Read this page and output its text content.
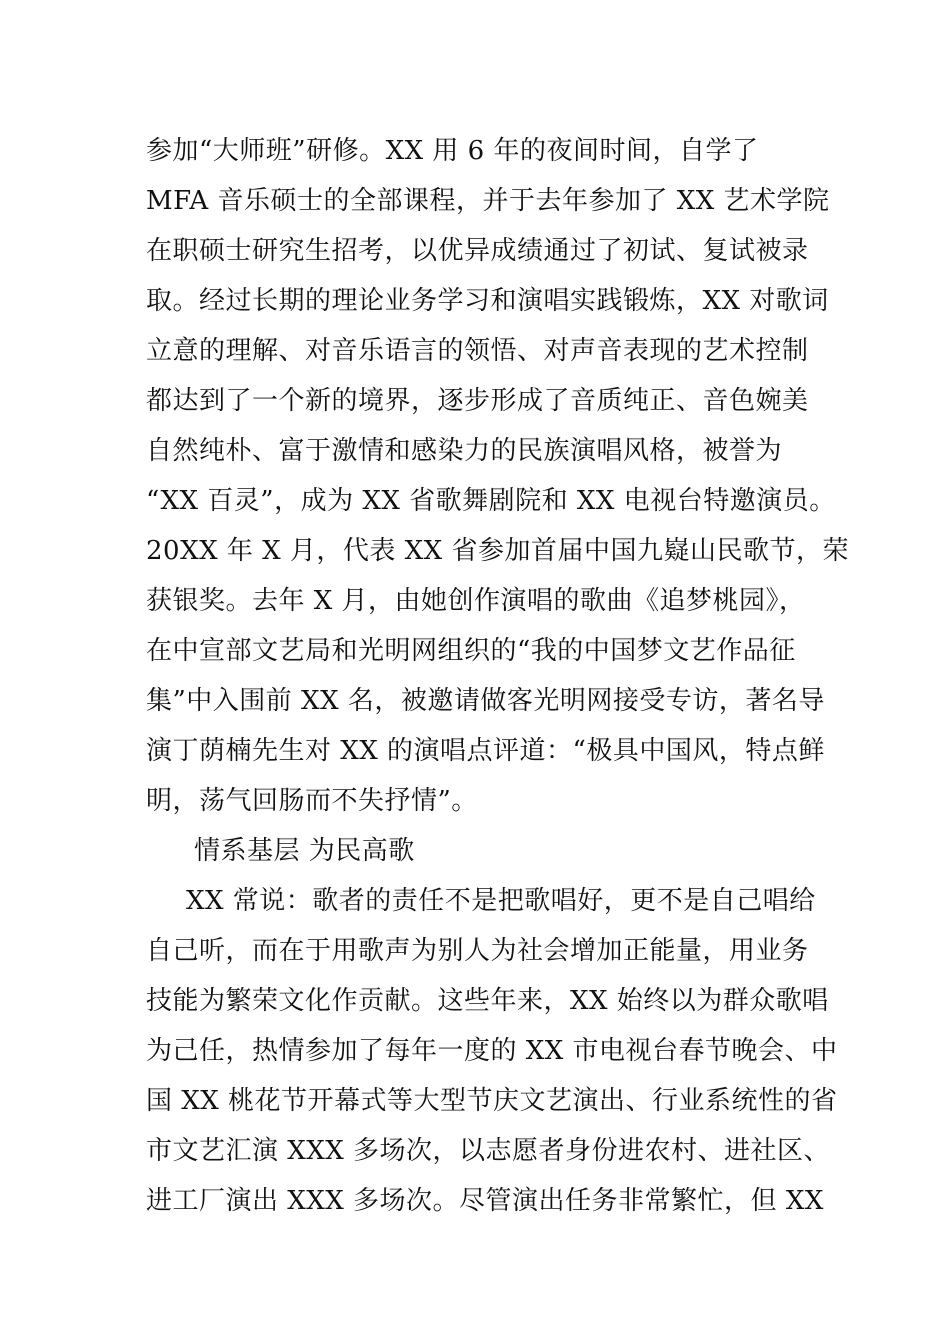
参加“大师班”研修。XX 用 6 年的夜间时间，自学了
MFA 音乐硕士的全部课程，并于去年参加了 XX 艺术学院
在职硕士研究生招考，以优异成绩通过了初试、复试被录
取。经过长期的理论业务学习和演唱实践锻炼，XX 对歌词
立意的理解、对音乐语言的领悟、对声音表现的艺术控制
都达到了一个新的境界，逐步形成了音质纯正、音色婉美
自然纯朴、富于激情和感染力的民族演唱风格，被誉为
“XX 百灵”，成为 XX 省歌舞剧院和 XX 电视台特邀演员。
20XX 年 X 月，代表 XX 省参加首届中国九嶷山民歌节，荣
获银奖。去年 X 月，由她创作演唱的歌曲《追梦桃园》，
在中宣部文艺局和光明网组织的“我的中国梦文艺作品征
集”中入围前 XX 名，被邀请做客光明网接受专访，著名导
演丁荫楠先生对 XX 的演唱点评道：“极具中国风，特点鲜
明，荡气回肠而不失抒情”。
情系基层 为民高歌
XX 常说：歌者的责任不是把歌唱好，更不是自己唱给
自己听，而在于用歌声为别人为社会增加正能量，用业务
技能为繁荣文化作贡献。这些年来，XX 始终以为群众歌唱
为己任，热情参加了每年一度的 XX 市电视台春节晚会、中
国 XX 桃花节开幕式等大型节庆文艺演出、行业系统性的省
市文艺汇演 XXX 多场次，以志愿者身份进农村、进社区、
进工厂演出 XXX 多场次。尽管演出任务非常繁忙，但 XX
